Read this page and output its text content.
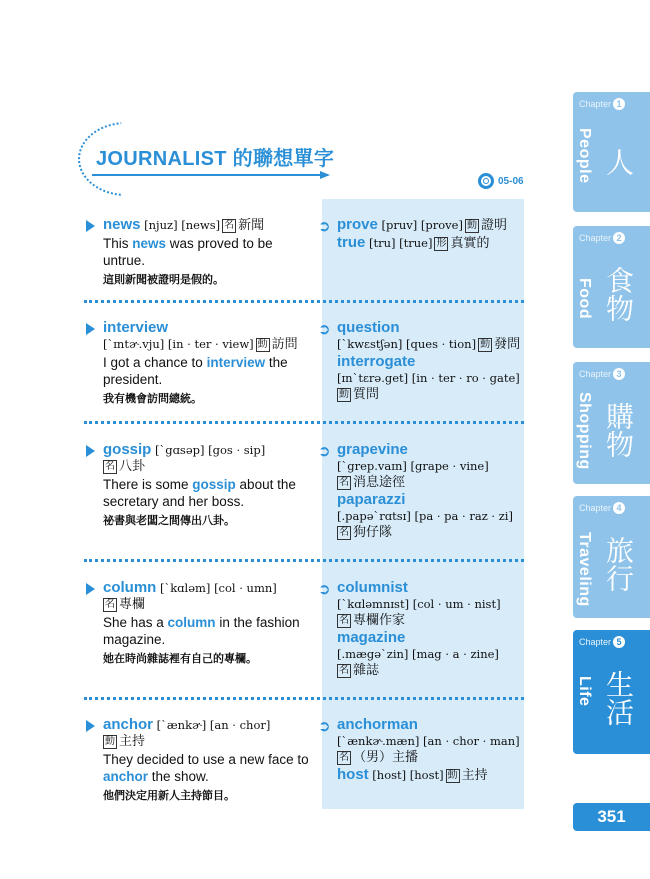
JOURNALIST 的聯想單字
05-06
news [njuz] [news] 名 新聞
This news was proved to be untrue.
這則新聞被證明是假的。
➲ prove [pruv] [prove] 動 證明
true [tru] [true] 形 真實的
interview
[ˋɪntɚ.vju] [in · ter · view] 動 訪問
I got a chance to interview the president.
我有機會訪問總統。
➲ question
[ˋkwɛstʃən] [ques · tion] 動 發問
interrogate
[ɪnˋtɛrə.get] [in · ter · ro · gate]
動 質問
gossip [ˋgɑsəp] [gos · sip]
名 八卦
There is some gossip about the secretary and her boss.
祕書與老闆之間傳出八卦。
➲ grapevine
[ˋgrep.vaɪn] [grape · vine]
名 消息途徑
paparazzi
[.papəˋrɑtsɪ] [pa · pa · raz · zi]
名 狗仔隊
column [ˋkɑləm] [col · umn]
名 專欄
She has a column in the fashion magazine.
她在時尚雜誌裡有自己的專欄。
➲ columnist
[ˋkɑləmnɪst] [col · um · nist]
名 專欄作家
magazine
[.mægəˋzin] [mag · a · zine]
名 雜誌
anchor [ˋænkɚ] [an · chor]
動 主持
They decided to use a new face to anchor the show.
他們決定用新人主持節目。
➲ anchorman
[ˋænkɚ.mæn] [an · chor · man]
名 （男）主播
host [host] [host] 動 主持
Chapter 1
People 人
Chapter 2
Food 食物
Chapter 3
Shopping 購物
Chapter 4
Traveling 旅行
Chapter 5
Life 生活
351
